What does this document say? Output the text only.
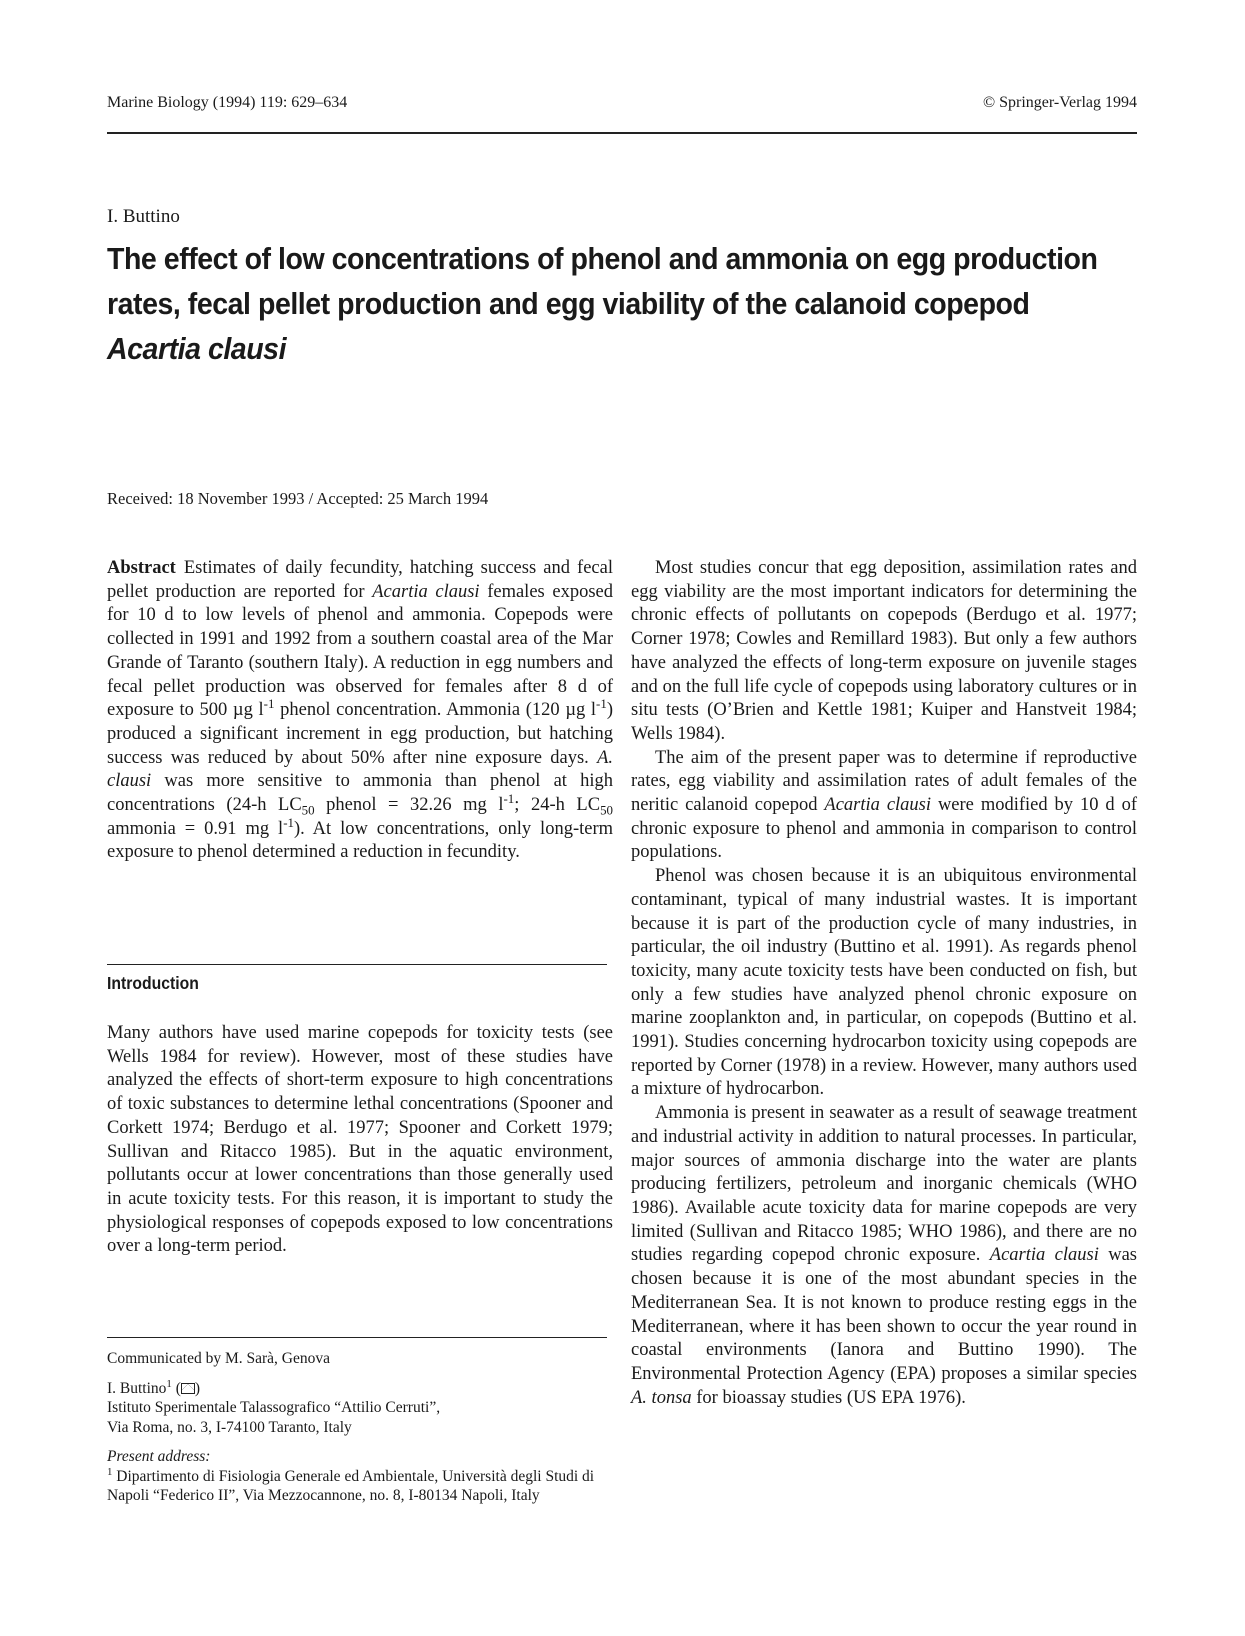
Marine Biology (1994) 119: 629–634	© Springer-Verlag 1994
I. Buttino
The effect of low concentrations of phenol and ammonia on egg production
rates, fecal pellet production and egg viability of the calanoid copepod
Acartia clausi
Received: 18 November 1993 / Accepted: 25 March 1994

Abstract Estimates of daily fecundity, hatching success and fecal pellet production are reported for Acartia clausi females exposed for 10 d to low levels of phenol and ammonia. Copepods were collected in 1991 and 1992 from a southern coastal area of the Mar Grande of Taranto (southern Italy). A reduction in egg numbers and fecal pellet production was observed for females after 8 d of exposure to 500 µg $l^{-1}$ phenol concentration. Ammonia (120 µg $l^{-1}$) produced a significant increment in egg production, but hatching success was reduced by about 50% after nine exposure days. A. clausi was more sensitive to ammonia than phenol at high concentrations (24-h $LC_{50}$ phenol = 32.26 mg $l^{-1}$; 24-h $LC_{50}$ ammonia = 0.91 mg $l^{-1}$). At low concentrations, only long-term exposure to phenol determined a reduction in fecundity.

Introduction

Many authors have used marine copepods for toxicity tests (see Wells 1984 for review). However, most of these studies have analyzed the effects of short-term exposure to high concentrations of toxic substances to determine lethal concentrations (Spooner and Corkett 1974; Berdugo et al. 1977; Spooner and Corkett 1979; Sullivan and Ritacco 1985). But in the aquatic environment, pollutants occur at lower concentrations than those generally used in acute toxicity tests. For this reason, it is important to study the physiological responses of copepods exposed to low concentrations over a long-term period.

Communicated by M. Sarà, Genova

I. Buttino$^1$ ( )

Istituto Sperimentale Talassografico “Attilio Cerruti”,

Via Roma, no. 3, I-74100 Taranto, Italy

Present address:

$^1$ Dipartimento di Fisiologia Generale ed Ambientale, Università degli Studi di Napoli “Federico II”, Via Mezzocannone, no. 8, I-80134 Napoli, Italy

Most studies concur that egg deposition, assimilation rates and egg viability are the most important indicators for determining the chronic effects of pollutants on copepods (Berdugo et al. 1977; Corner 1978; Cowles and Remillard 1983). But only a few authors have analyzed the effects of long-term exposure on juvenile stages and on the full life cycle of copepods using laboratory cultures or in situ tests (O’Brien and Kettle 1981; Kuiper and Hanstveit 1984; Wells 1984).

The aim of the present paper was to determine if reproductive rates, egg viability and assimilation rates of adult females of the neritic calanoid copepod Acartia clausi were modified by 10 d of chronic exposure to phenol and ammonia in comparison to control populations.

Phenol was chosen because it is an ubiquitous environmental contaminant, typical of many industrial wastes. It is important because it is part of the production cycle of many industries, in particular, the oil industry (Buttino et al. 1991). As regards phenol toxicity, many acute toxicity tests have been conducted on fish, but only a few studies have analyzed phenol chronic exposure on marine zooplankton and, in particular, on copepods (Buttino et al. 1991). Studies concerning hydrocarbon toxicity using copepods are reported by Corner (1978) in a review. However, many authors used a mixture of hydrocarbon.

Ammonia is present in seawater as a result of seawage treatment and industrial activity in addition to natural processes. In particular, major sources of ammonia discharge into the water are plants producing fertilizers, petroleum and inorganic chemicals (WHO 1986). Available acute toxicity data for marine copepods are very limited (Sullivan and Ritacco 1985; WHO 1986), and there are no studies regarding copepod chronic exposure. Acartia clausi was chosen because it is one of the most abundant species in the Mediterranean Sea. It is not known to produce resting eggs in the Mediterranean, where it has been shown to occur the year round in coastal environments (Ianora and Buttino 1990). The Environmental Protection Agency (EPA) proposes a similar species A. tonsa for bioassay studies (US EPA 1976).
